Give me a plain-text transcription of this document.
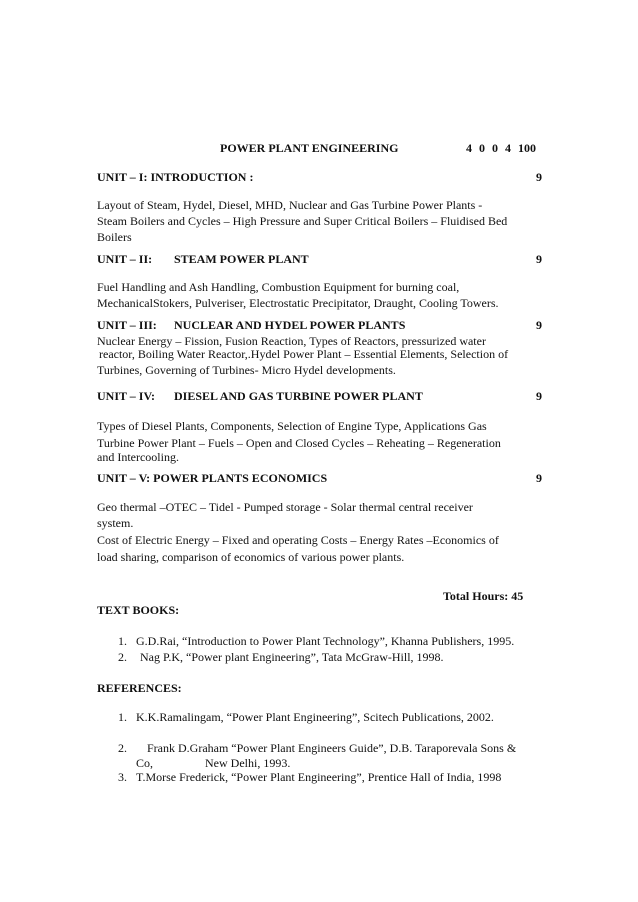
POWER PLANT ENGINEERING	4 0 0 4 100
UNIT – I: INTRODUCTION :	9
Layout of Steam, Hydel, Diesel, MHD, Nuclear and Gas Turbine Power Plants -
Steam Boilers and Cycles – High Pressure and Super Critical Boilers – Fluidised Bed
Boilers
UNIT – II: STEAM POWER PLANT	9
Fuel Handling and Ash Handling, Combustion Equipment for burning coal,
MechanicalStokers, Pulveriser, Electrostatic Precipitator, Draught, Cooling Towers.
UNIT – III: NUCLEAR AND HYDEL POWER PLANTS	9
Nuclear Energy – Fission, Fusion Reaction, Types of Reactors, pressurized water
reactor, Boiling Water Reactor,.Hydel Power Plant – Essential Elements, Selection of
Turbines, Governing of Turbines- Micro Hydel developments.
UNIT – IV: DIESEL AND GAS TURBINE POWER PLANT	9
Types of Diesel Plants, Components, Selection of Engine Type, Applications Gas
Turbine Power Plant – Fuels – Open and Closed Cycles – Reheating – Regeneration
and Intercooling.
UNIT – V: POWER PLANTS ECONOMICS	9
Geo thermal –OTEC – Tidel - Pumped storage - Solar thermal central receiver
system.
Cost of Electric Energy – Fixed and operating Costs – Energy Rates –Economics of
load sharing, comparison of economics of various power plants.
Total Hours: 45
TEXT BOOKS:
1. G.D.Rai, “Introduction to Power Plant Technology”, Khanna Publishers, 1995.
2. Nag P.K, “Power plant Engineering”, Tata McGraw-Hill, 1998.
REFERENCES:
1. K.K.Ramalingam, “Power Plant Engineering”, Scitech Publications, 2002.
2. Frank D.Graham “Power Plant Engineers Guide”, D.B. Taraporevala Sons &
Co,	New Delhi, 1993.
3. T.Morse Frederick, “Power Plant Engineering”, Prentice Hall of India, 1998
